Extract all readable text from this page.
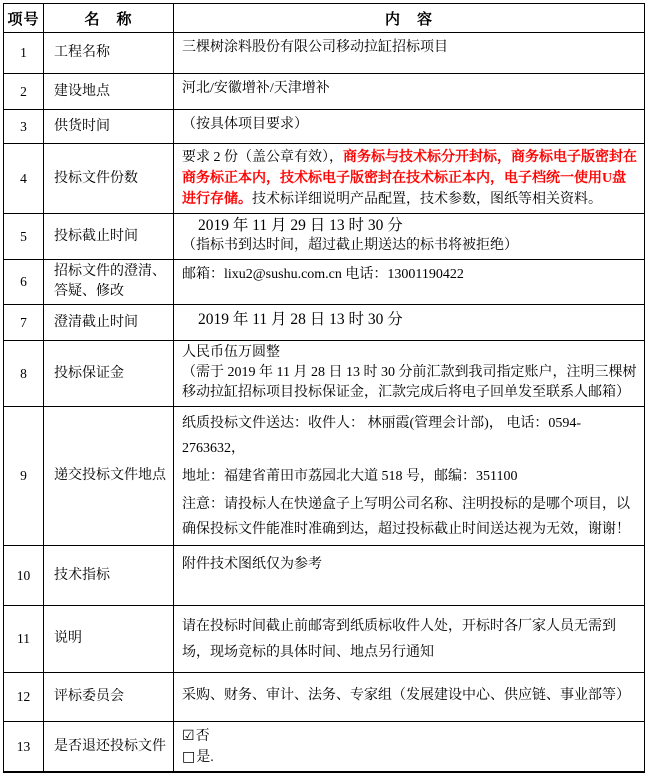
项号	名　称	内　容
1	工程名称	三棵树涂料股份有限公司移动拉缸招标项目
2	建设地点	河北/安徽增补/天津增补
3	供货时间	（按具体项目要求）
4	投标文件份数	要求 2 份（盖公章有效），商务标与技术标分开封标，商务标电子版密封在商务标正本内，技术标电子版密封在技术标正本内，电子档统一使用U盘进行存储。技术标详细说明产品配置，技术参数，图纸等相关资料。
5	投标截止时间	2019 年 11 月 29 日 13 时 30 分
（指标书到达时间，超过截止期送达的标书将被拒绝）

6	招标文件的澄清、答疑、修改	邮箱：lixu2@sushu.com.cn 电话：13001190422
7	澄清截止时间	2019 年 11 月 28 日 13 时 30 分

8	投标保证金	人民币伍万圆整
（需于 2019 年 11 月 28 日 13 时 30 分前汇款到我司指定账户，注明三棵树移动拉缸招标项目投标保证金，汇款完成后将电子回单发至联系人邮箱）

9	递交投标文件地点	纸质投标文件送达：收件人： 林丽霞(管理会计部)， 电话：0594-2763632，
地址：福建省莆田市荔园北大道 518 号，邮编：351100
注意：请投标人在快递盒子上写明公司名称、注明投标的是哪个项目，以确保投标文件能准时准确到达，超过投标截止时间送达视为无效，谢谢！

10	技术指标	附件技术图纸仅为参考
11	说明	请在投标时间截止前邮寄到纸质标收件人处，开标时各厂家人员无需到场，现场竞标的具体时间、地点另行通知
12	评标委员会	采购、财务、审计、法务、专家组（发展建设中心、供应链、事业部等）
13	是否退还投标文件	☑否
□是.
